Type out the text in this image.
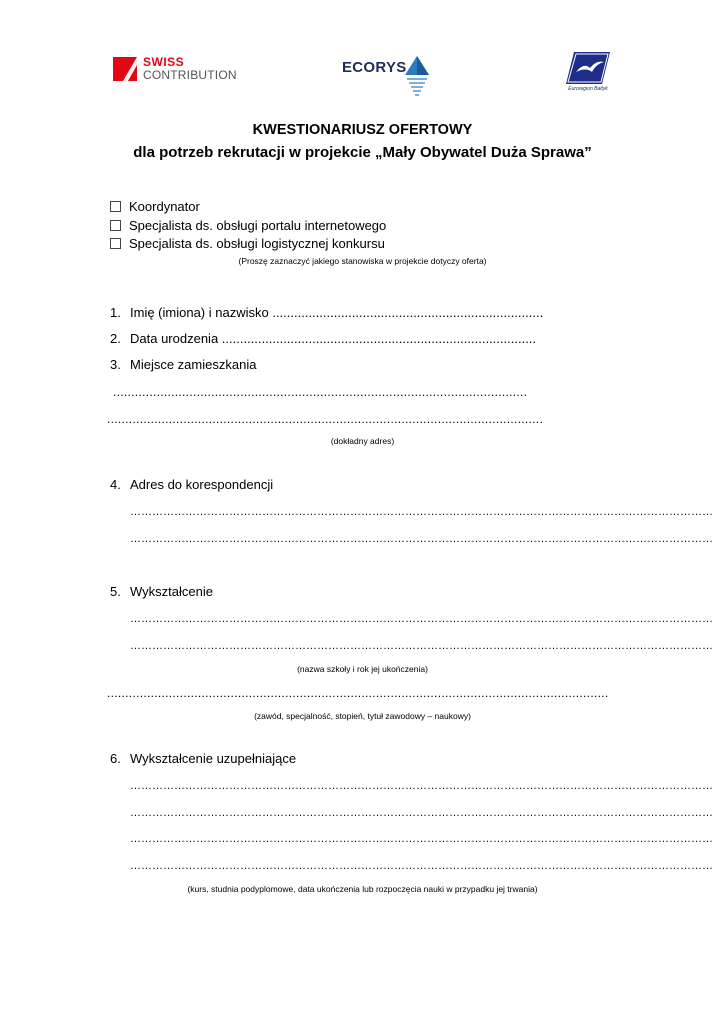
SWISS
CONTRIBUTION	ECORYS
Euroregion Baltyk
KWESTIONARIUSZ OFERTOWY
dla potrzeb rekrutacji w projekcie „Mały Obywatel Duża Sprawa”
Koordynator
Specjalista ds. obsługi portalu internetowego
Specjalista ds. obsługi logistycznej konkursu
(Proszę zaznaczyć jakiego stanowiska w projekcie dotyczy oferta)
1. Imię (imiona) i nazwisko ...........................................................................
2. Data urodzenia .......................................................................................
3. Miejsce zamieszkania
..................................................................................................................
........................................................................................................................
(dokładny adres)
4. Adres do korespondencji
……………………………………………………………………………………………………………………………………………
……………………………………………………………………………………………………………………………………………
5. Wykształcenie
……………………………………………………………………………………………………………………………………………
……………………………………………………………………………………………………………………………………………
(nazwa szkoły i rok jej ukończenia)
..........................................................................................................................................
(zawód, specjalność, stopień, tytuł zawodowy – naukowy)
6. Wykształcenie uzupełniające
……………………………………………………………………………………………………………………………………………
……………………………………………………………………………………………………………………………………………
……………………………………………………………………………………………………………………………………………
……………………………………………………………………………………………………………………………………………
(kurs, studnia podyplomowe, data ukończenia lub rozpoczęcia nauki w przypadku jej trwania)
